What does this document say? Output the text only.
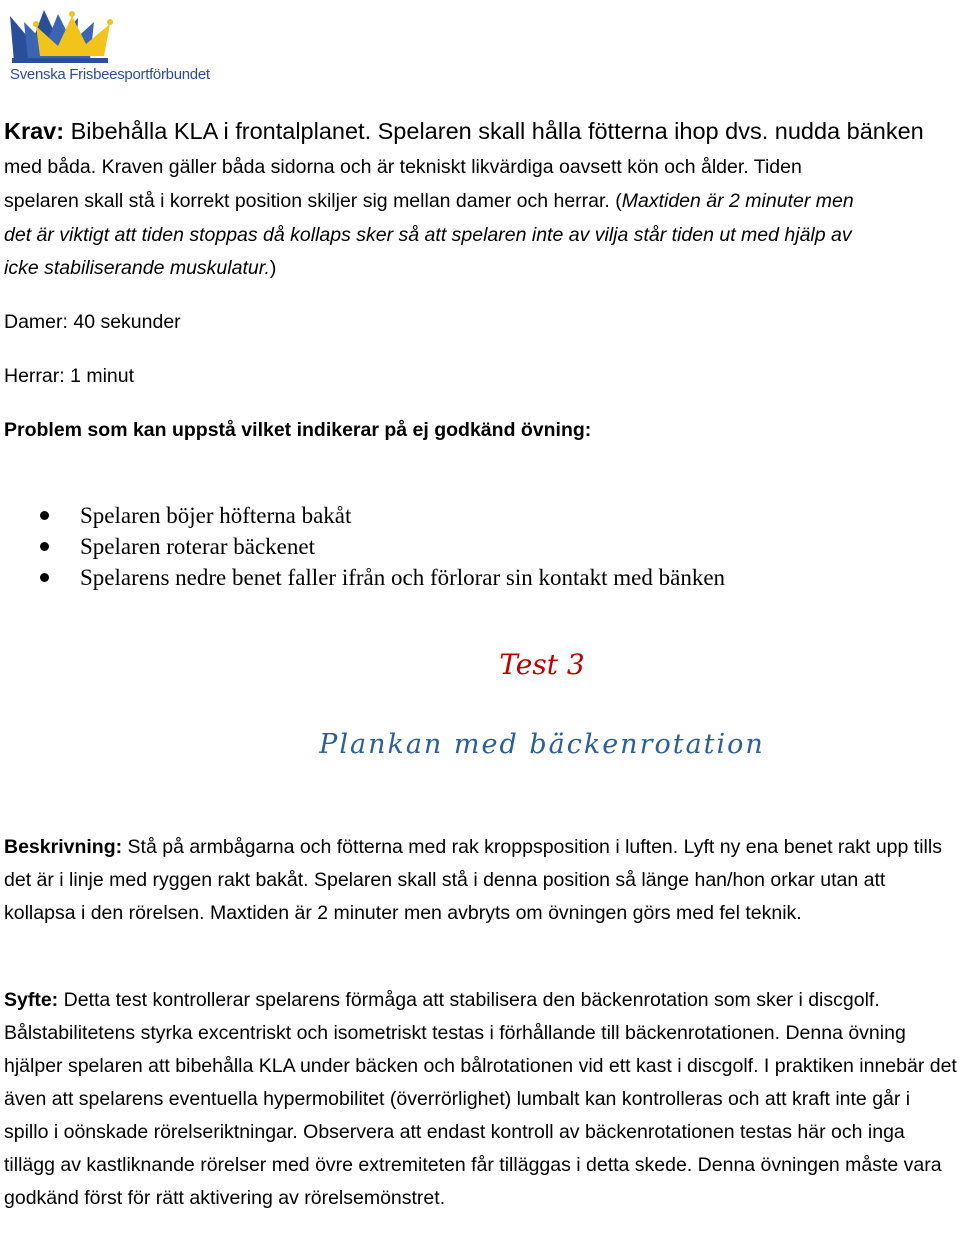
Svenska Frisbeesportförbundet
Krav: Bibehålla KLA i frontalplanet. Spelaren skall hålla fötterna ihop dvs. nudda bänken
med båda. Kraven gäller båda sidorna och är tekniskt likvärdiga oavsett kön och ålder. Tiden
spelaren skall stå i korrekt position skiljer sig mellan damer och herrar. (Maxtiden är 2 minuter men
det är viktigt att tiden stoppas då kollaps sker så att spelaren inte av vilja står tiden ut med hjälp av
icke stabiliserande muskulatur.)
Damer: 40 sekunder
Herrar: 1 minut
Problem som kan uppstå vilket indikerar på ej godkänd övning:
Spelaren böjer höfterna bakåt
Spelaren roterar bäckenet
Spelarens nedre benet faller ifrån och förlorar sin kontakt med bänken
Test 3
Plankan med bäckenrotation
Beskrivning: Stå på armbågarna och fötterna med rak kroppsposition i luften. Lyft ny ena benet rakt upp tills det är i linje med ryggen rakt bakåt. Spelaren skall stå i denna position så länge han/hon orkar utan att kollapsa i den rörelsen. Maxtiden är 2 minuter men avbryts om övningen görs med fel teknik.
Syfte: Detta test kontrollerar spelarens förmåga att stabilisera den bäckenrotation som sker i discgolf. Bålstabilitetens styrka excentriskt och isometriskt testas i förhållande till bäckenrotationen. Denna övning hjälper spelaren att bibehålla KLA under bäcken och bålrotationen vid ett kast i discgolf. I praktiken innebär det även att spelarens eventuella hypermobilitet (överrörlighet) lumbalt kan kontrolleras och att kraft inte går i spillo i oönskade rörelseriktningar. Observera att endast kontroll av bäckenrotationen testas här och inga tillägg av kastliknande rörelser med övre extremiteten får tilläggas i detta skede. Denna övningen måste vara godkänd först för rätt aktivering av rörelsemönstret.
